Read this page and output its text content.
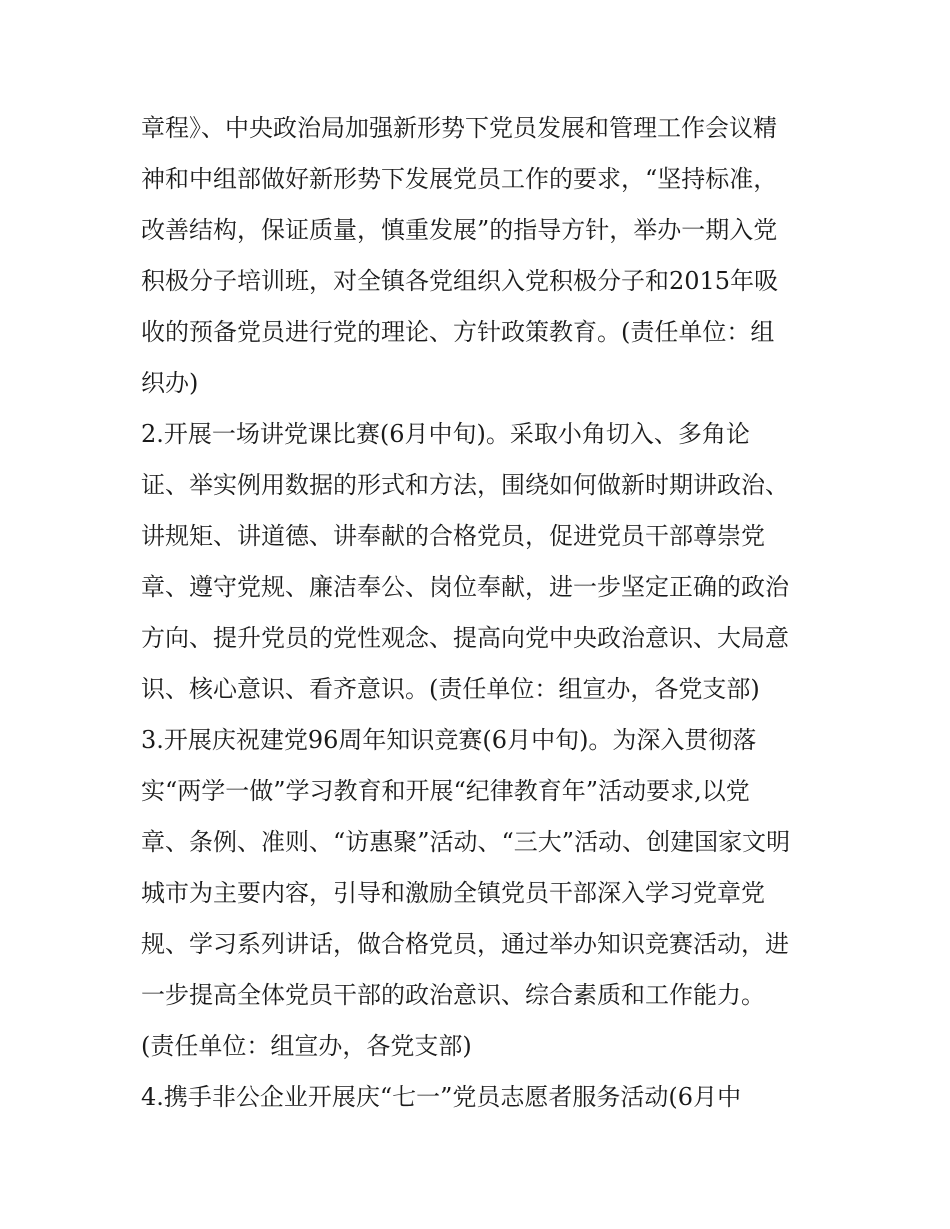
章程》、中央政治局加强新形势下党员发展和管理工作会议精
神和中组部做好新形势下发展党员工作的要求，“坚持标准，
改善结构，保证质量，慎重发展”的指导方针，举办一期入党
积极分子培训班，对全镇各党组织入党积极分子和2015年吸
收的预备党员进行党的理论、方针政策教育。(责任单位：组
织办)
2.开展一场讲党课比赛(6月中旬)。采取小角切入、多角论
证、举实例用数据的形式和方法，围绕如何做新时期讲政治、
讲规矩、讲道德、讲奉献的合格党员，促进党员干部尊崇党
章、遵守党规、廉洁奉公、岗位奉献，进一步坚定正确的政治
方向、提升党员的党性观念、提高向党中央政治意识、大局意
识、核心意识、看齐意识。(责任单位：组宣办，各党支部)
3.开展庆祝建党96周年知识竞赛(6月中旬)。为深入贯彻落
实“两学一做”学习教育和开展“纪律教育年”活动要求,以党
章、条例、准则、“访惠聚”活动、“三大”活动、创建国家文明
城市为主要内容，引导和激励全镇党员干部深入学习党章党
规、学习系列讲话，做合格党员，通过举办知识竞赛活动，进
一步提高全体党员干部的政治意识、综合素质和工作能力。
(责任单位：组宣办，各党支部)
4.携手非公企业开展庆“七一”党员志愿者服务活动(6月中
